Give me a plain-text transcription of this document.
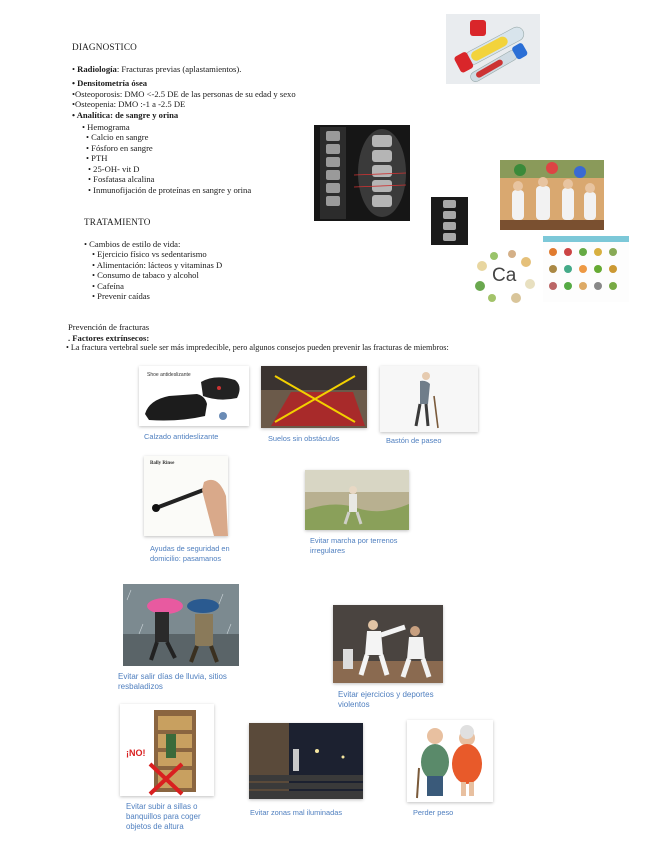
DIAGNOSTICO
• Radiología: Fracturas previas (aplastamientos).
• Densitometría ósea
•Osteoporosis: DMO <-2.5 DE de las personas de su edad y sexo
•Osteopenia: DMO :-1 a -2.5 DE
• Analítica: de sangre y orina
• Hemograma
• Calcio en sangre
• Fósforo en sangre
• PTH
• 25-OH- vit D
• Fosfatasa alcalina
• Inmunofijación de proteínas en sangre y orina
TRATAMIENTO
• Cambios de estilo de vida:
• Ejercicio físico vs sedentarismo
• Alimentación: lácteos y vitaminas D
• Consumo de tabaco y alcohol
• Cafeína
• Prevenir caídas
Prevención de fracturas
. Factores extrínsecos:
• La fractura vertebral suele ser más impredecible, pero algunos consejos pueden prevenir las fracturas de miembros:
Ca
Shoe antideslizante
Calzado antideslizante	Suelos sin obstáculos	Bastón de paseo
Bally Rinse
Ayudas de seguridad en
domicilio: pasamanos
Evitar marcha por terrenos
irregulares
Evitar salir días de lluvia, sitios
resbaladizos
Evitar ejercicios y deportes
violentos
¡NO!
Evitar subir a sillas o
banquillos para coger
objetos de altura
Evitar zonas mal iluminadas	Perder peso
